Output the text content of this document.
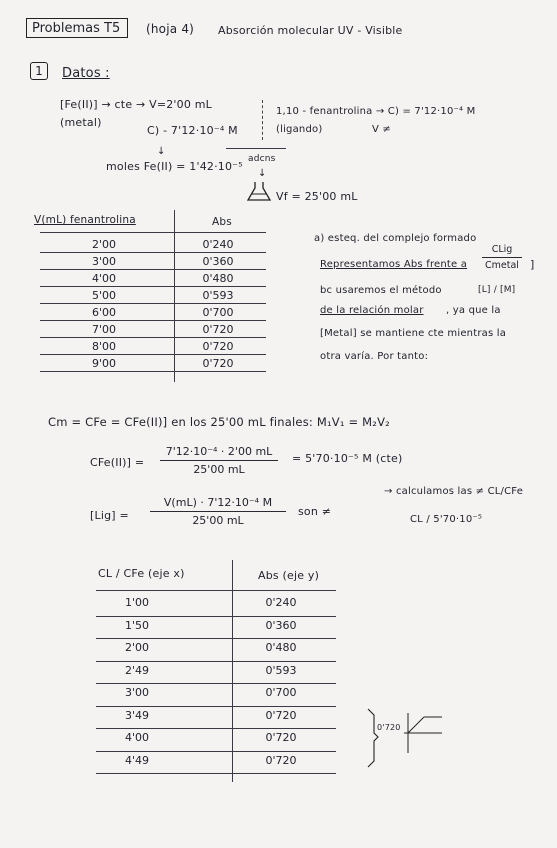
Problemas T5	(hoja 4) Absorción molecular UV - Visible
1	Datos :
[Fe(II)] → cte → V=2'00 mL
(metal)
C) - 7'12·10⁻⁴ M
1,10 - fenantrolina → C) = 7'12·10⁻⁴ M
(ligando)	V ≠
↓
moles Fe(II) = 1'42·10⁻⁵
adcns
↓
Vf = 25'00 mL
V(mL) fenantrolina	Abs
2'00	0'240
3'00	0'360
4'00	0'480
5'00	0'593
6'00	0'700
7'00	0'720
8'00	0'720
9'00	0'720
a) esteq. del complejo formado
Representamos Abs frente a
CLig
Cmetal ]
bc usaremos el método	[L] / [M]
de la relación molar , ya que la
[Metal] se mantiene cte mientras la
otra varía. Por tanto:
Cm = CFe = CFe(II)] en los 25'00 mL finales: M₁V₁ = M₂V₂
CFe(II)] =
7'12·10⁻⁴ · 2'00 mL
25'00 mL
= 5'70·10⁻⁵ M (cte)
[Lig] =
V(mL) · 7'12·10⁻⁴ M
25'00 mL
son ≠
→ calculamos las ≠ CL/CFe
CL / 5'70·10⁻⁵
CL / CFe (eje x)	Abs (eje y)
1'00	0'240
1'50	0'360
2'00	0'480
2'49	0'593
3'00	0'700
3'49	0'720
4'00	0'720
4'49	0'720
0'720
